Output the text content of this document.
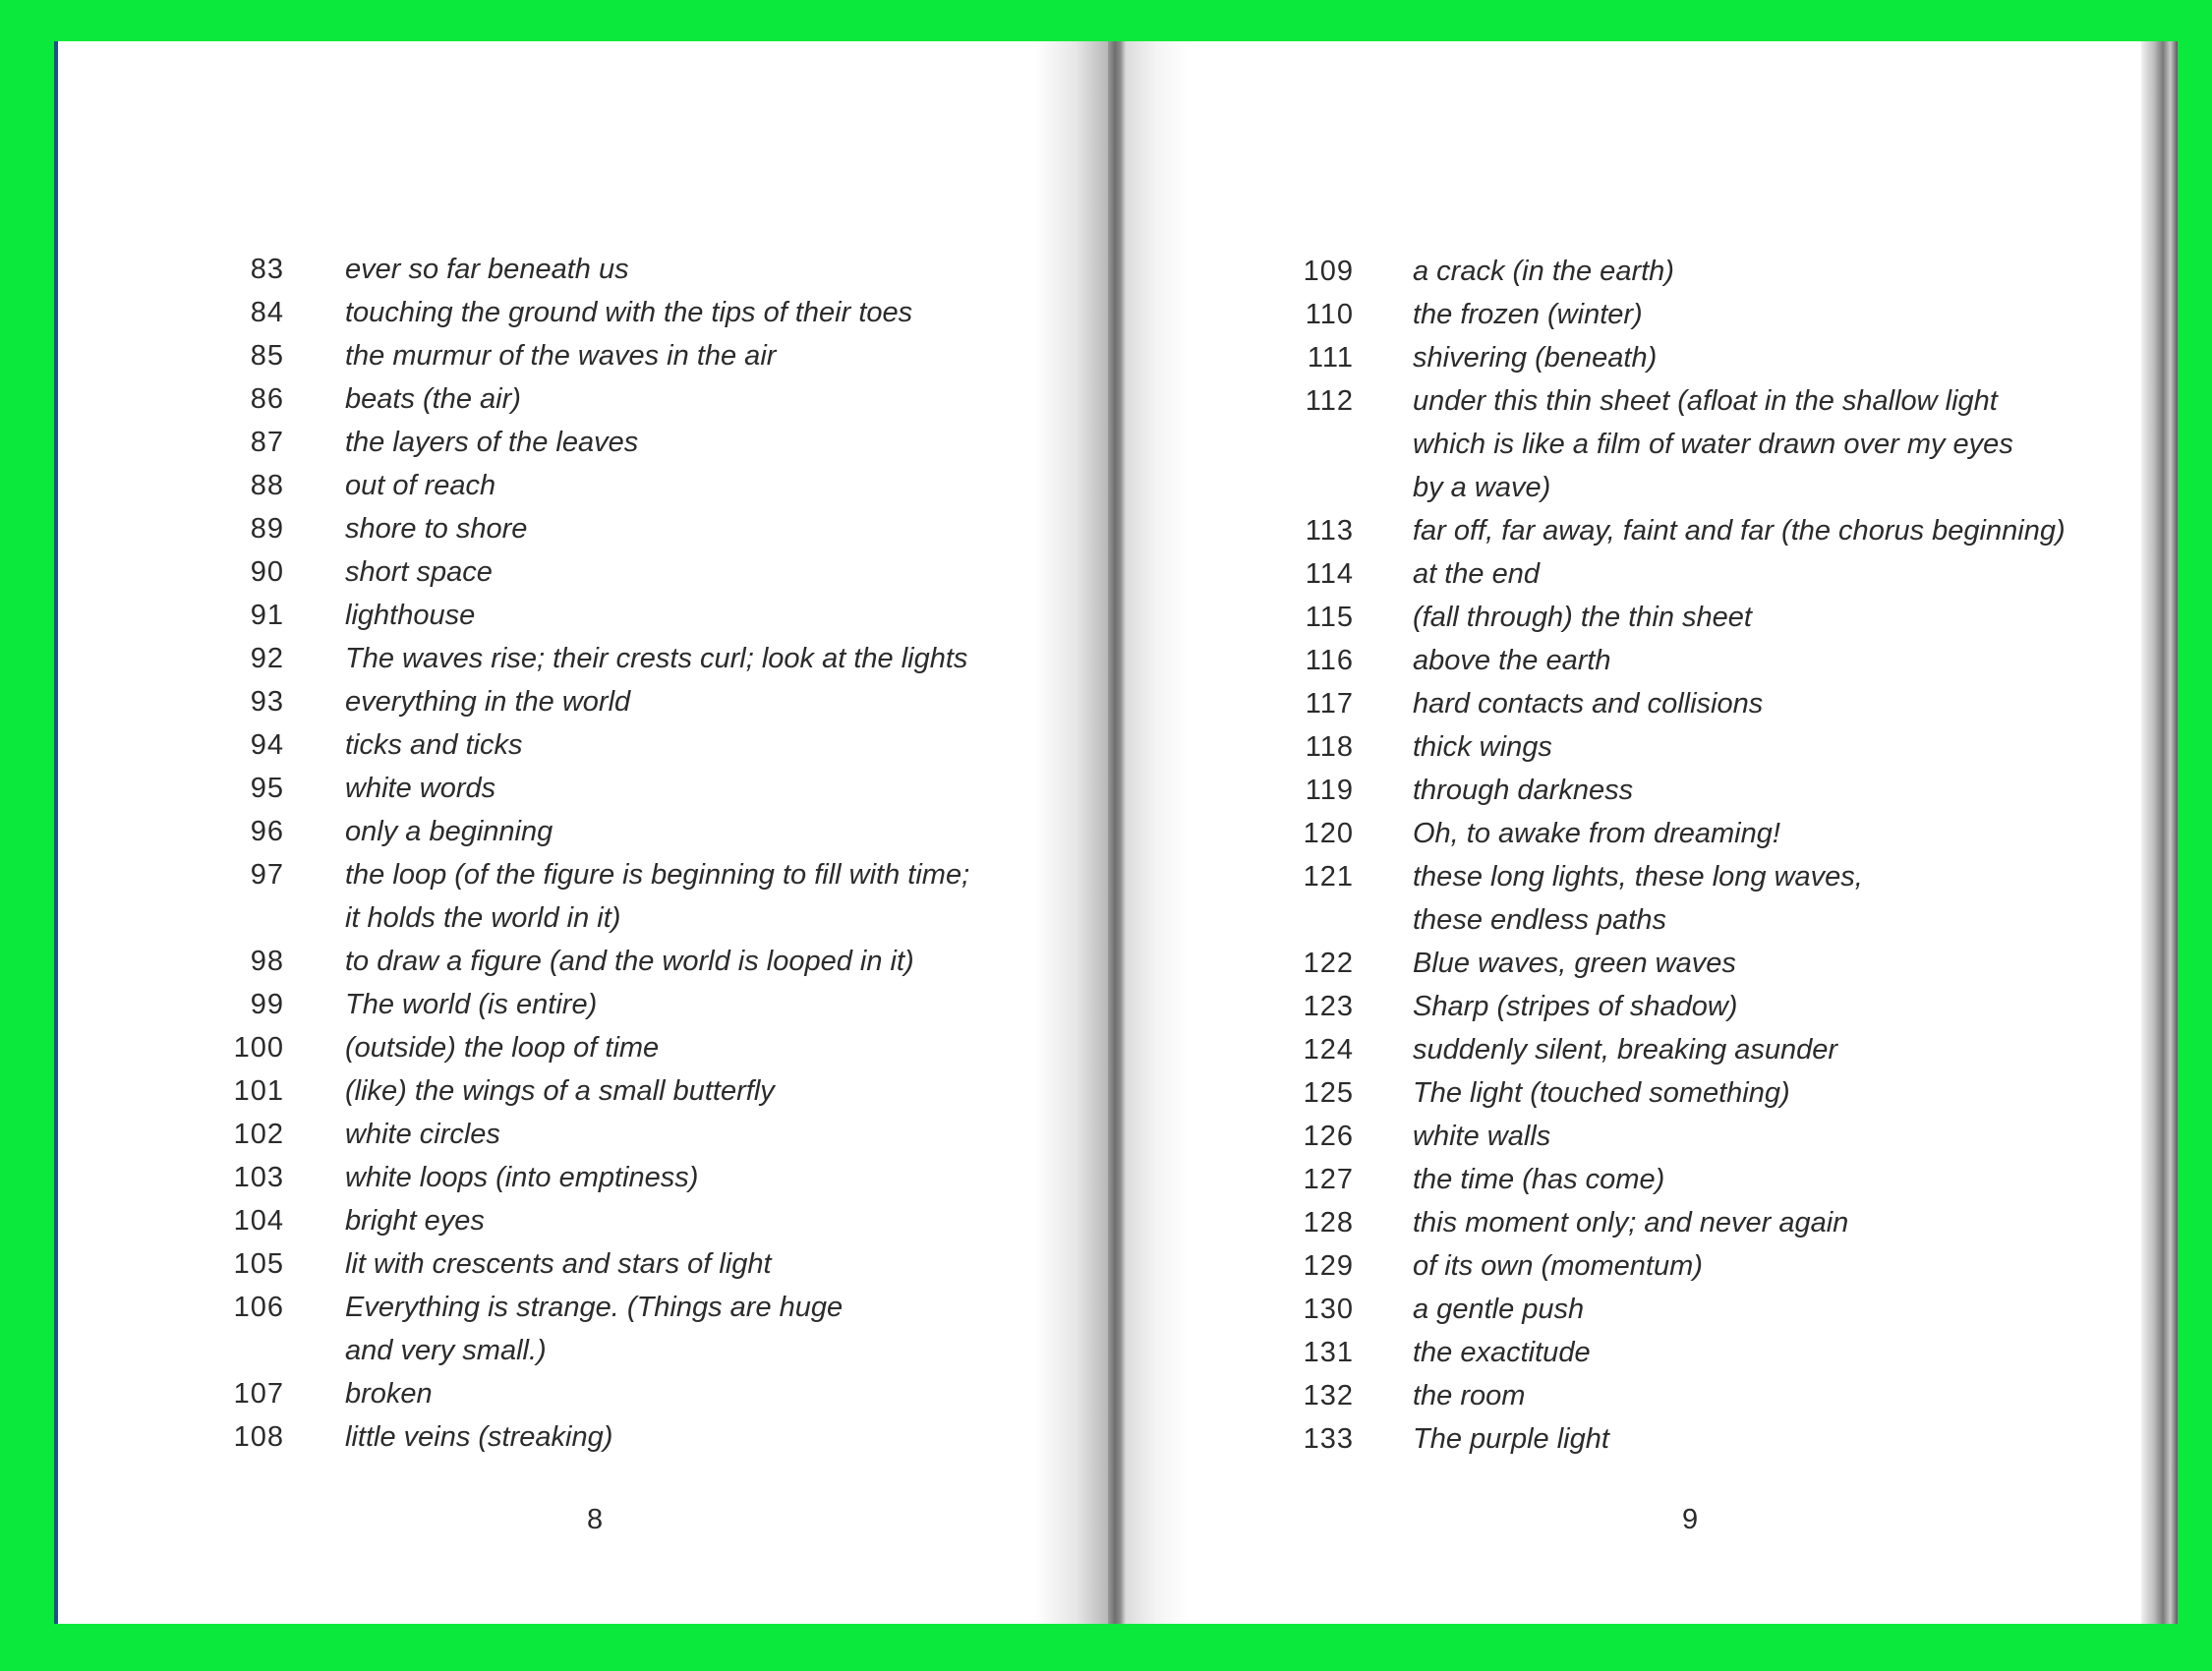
83 ever so far beneath us
84 touching the ground with the tips of their toes
85 the murmur of the waves in the air
86 beats (the air)
87 the layers of the leaves
88 out of reach
89 shore to shore
90 short space
91 lighthouse
92 The waves rise; their crests curl; look at the lights
93 everything in the world
94 ticks and ticks
95 white words
96 only a beginning
97 the loop (of the figure is beginning to fill with time;
it holds the world in it)
98 to draw a figure (and the world is looped in it)
99 The world (is entire)
100 (outside) the loop of time
101 (like) the wings of a small butterfly
102 white circles
103 white loops (into emptiness)
104 bright eyes
105 lit with crescents and stars of light
106 Everything is strange. (Things are huge
and very small.)
107 broken
108 little veins (streaking)
8
109 a crack (in the earth)
110 the frozen (winter)
111 shivering (beneath)
112 under this thin sheet (afloat in the shallow light
which is like a film of water drawn over my eyes
by a wave)
113 far off, far away, faint and far (the chorus beginning)
114 at the end
115 (fall through) the thin sheet
116 above the earth
117 hard contacts and collisions
118 thick wings
119 through darkness
120 Oh, to awake from dreaming!
121 these long lights, these long waves,
these endless paths
122 Blue waves, green waves
123 Sharp (stripes of shadow)
124 suddenly silent, breaking asunder
125 The light (touched something)
126 white walls
127 the time (has come)
128 this moment only; and never again
129 of its own (momentum)
130 a gentle push
131 the exactitude
132 the room
133 The purple light
9
